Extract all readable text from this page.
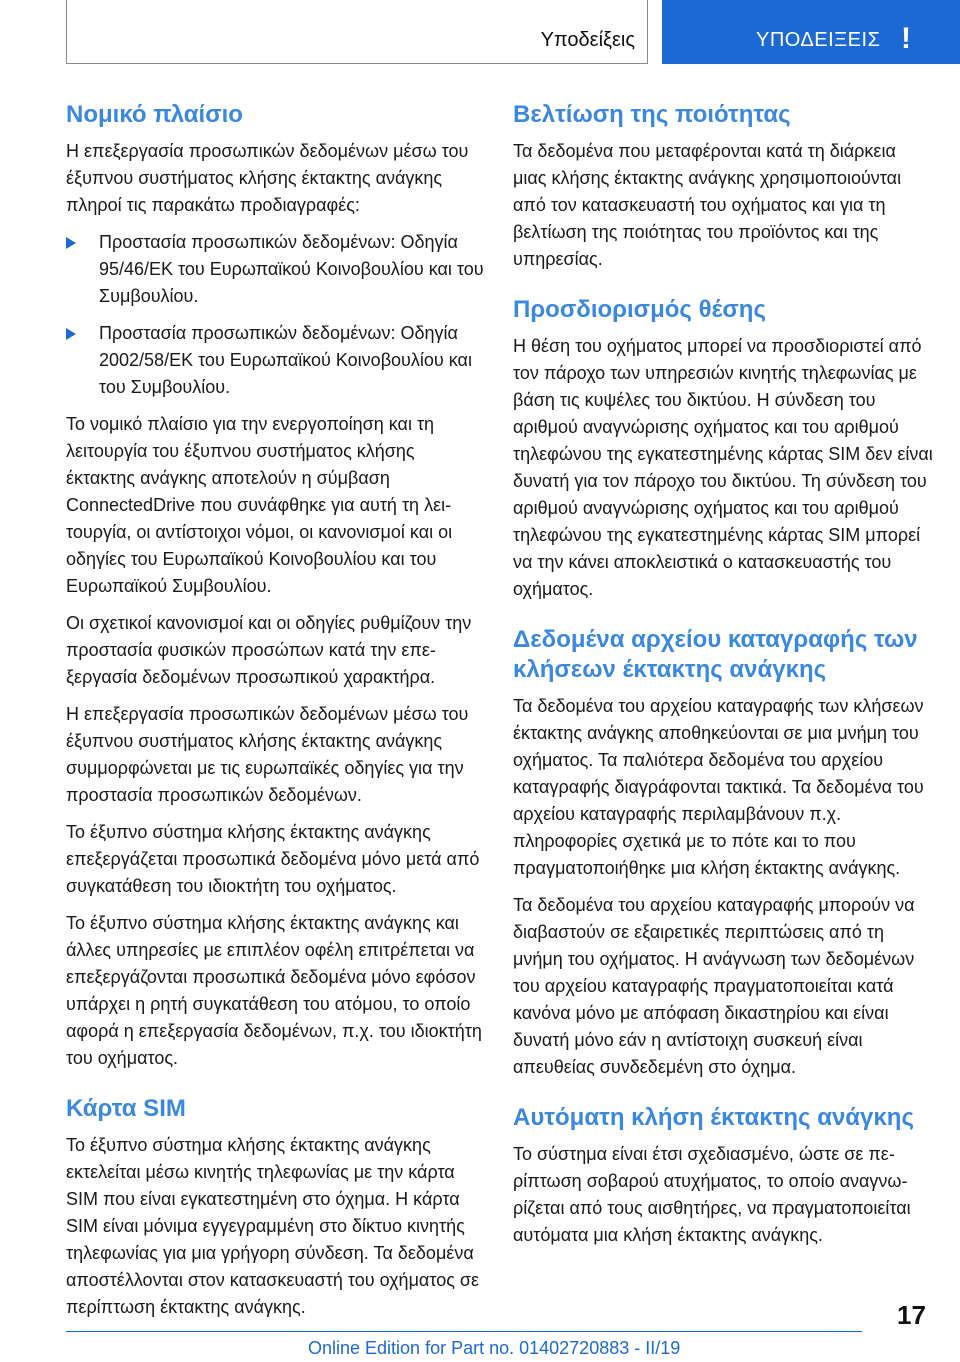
Υποδείξεις	ΥΠΟΔΕΙΞΕΙΣ !
Νομικό πλαίσιο

Η επεξεργασία προσωπικών δεδομένων μέσω του έξυπνου συστήματος κλήσης έκτακτης ανάγκης πληροί τις παρακάτω προδιαγραφές:

Προστασία προσωπικών δεδομένων: Οδηγία 95/46/ΕΚ του Ευρωπαϊκού Κοινοβουλίου και του Συμβουλίου.
Προστασία προσωπικών δεδομένων: Οδηγία 2002/58/ΕΚ του Ευρωπαϊκού Κοινοβουλίου και του Συμβουλίου.

Το νομικό πλαίσιο για την ενεργοποίηση και τη λειτουργία του έξυπνου συστήματος κλήσης έκτακτης ανάγκης αποτελούν η σύμβαση ConnectedDrive που συνάφθηκε για αυτή τη λειτουργία, οι αντίστοιχοι νόμοι, οι κανονισμοί και οι οδηγίες του Ευρωπαϊκού Κοινοβουλίου και του Ευρωπαϊκού Συμβουλίου.

Οι σχετικοί κανονισμοί και οι οδηγίες ρυθμίζουν την προστασία φυσικών προσώπων κατά την επεξεργασία δεδομένων προσωπικού χαρακτήρα.

Η επεξεργασία προσωπικών δεδομένων μέσω του έξυπνου συστήματος κλήσης έκτακτης ανάγκης συμμορφώνεται με τις ευρωπαϊκές οδηγίες για την προστασία προσωπικών δεδομένων.

Το έξυπνο σύστημα κλήσης έκτακτης ανάγκης επεξεργάζεται προσωπικά δεδομένα μόνο μετά από συγκατάθεση του ιδιοκτήτη του οχήματος.

Το έξυπνο σύστημα κλήσης έκτακτης ανάγκης και άλλες υπηρεσίες με επιπλέον οφέλη επιτρέπεται να επεξεργάζονται προσωπικά δεδομένα μόνο εφόσον υπάρχει η ρητή συγκατάθεση του ατόμου, το οποίο αφορά η επεξεργασία δεδομένων, π.χ. του ιδιοκτήτη του οχήματος.

Κάρτα SIM

Το έξυπνο σύστημα κλήσης έκτακτης ανάγκης εκτελείται μέσω κινητής τηλεφωνίας με την κάρτα SIM που είναι εγκατεστημένη στο όχημα. Η κάρτα SIM είναι μόνιμα εγγεγραμμένη στο δίκτυο κινητής τηλεφωνίας για μια γρήγορη σύνδεση. Τα δεδομένα αποστέλλονται στον κατασκευαστή του οχήματος σε περίπτωση έκτακτης ανάγκης.

Βελτίωση της ποιότητας

Τα δεδομένα που μεταφέρονται κατά τη διάρκεια μιας κλήσης έκτακτης ανάγκης χρησιμοποιούνται από τον κατασκευαστή του οχήματος και για τη βελτίωση της ποιότητας του προϊόντος και της υπηρεσίας.

Προσδιορισμός θέσης

Η θέση του οχήματος μπορεί να προσδιοριστεί από τον πάροχο των υπηρεσιών κινητής τηλεφωνίας με βάση τις κυψέλες του δικτύου. Η σύνδεση του αριθμού αναγνώρισης οχήματος και του αριθμού τηλεφώνου της εγκατεστημένης κάρτας SIM δεν είναι δυνατή για τον πάροχο του δικτύου. Τη σύνδεση του αριθμού αναγνώρισης οχήματος και του αριθμού τηλεφώνου της εγκατεστημένης κάρτας SIM μπορεί να την κάνει αποκλειστικά ο κατασκευαστής του οχήματος.

Δεδομένα αρχείου καταγραφής των κλήσεων έκτακτης ανάγκης

Τα δεδομένα του αρχείου καταγραφής των κλήσεων έκτακτης ανάγκης αποθηκεύονται σε μια μνήμη του οχήματος. Τα παλιότερα δεδομένα του αρχείου καταγραφής διαγράφονται τακτικά. Τα δεδομένα του αρχείου καταγραφής περιλαμβάνουν π.χ. πληροφορίες σχετικά με το πότε και το που πραγματοποιήθηκε μια κλήση έκτακτης ανάγκης.

Τα δεδομένα του αρχείου καταγραφής μπορούν να διαβαστούν σε εξαιρετικές περιπτώσεις από τη μνήμη του οχήματος. Η ανάγνωση των δεδομένων του αρχείου καταγραφής πραγματοποιείται κατά κανόνα μόνο με απόφαση δικαστηρίου και είναι δυνατή μόνο εάν η αντίστοιχη συσκευή είναι απευθείας συνδεδεμένη στο όχημα.

Αυτόματη κλήση έκτακτης ανάγκης

Το σύστημα είναι έτσι σχεδιασμένο, ώστε σε περίπτωση σοβαρού ατυχήματος, το οποίο αναγνωρίζεται από τους αισθητήρες, να πραγματοποιείται αυτόματα μια κλήση έκτακτης ανάγκης.

17
Online Edition for Part no. 01402720883 - II/19
